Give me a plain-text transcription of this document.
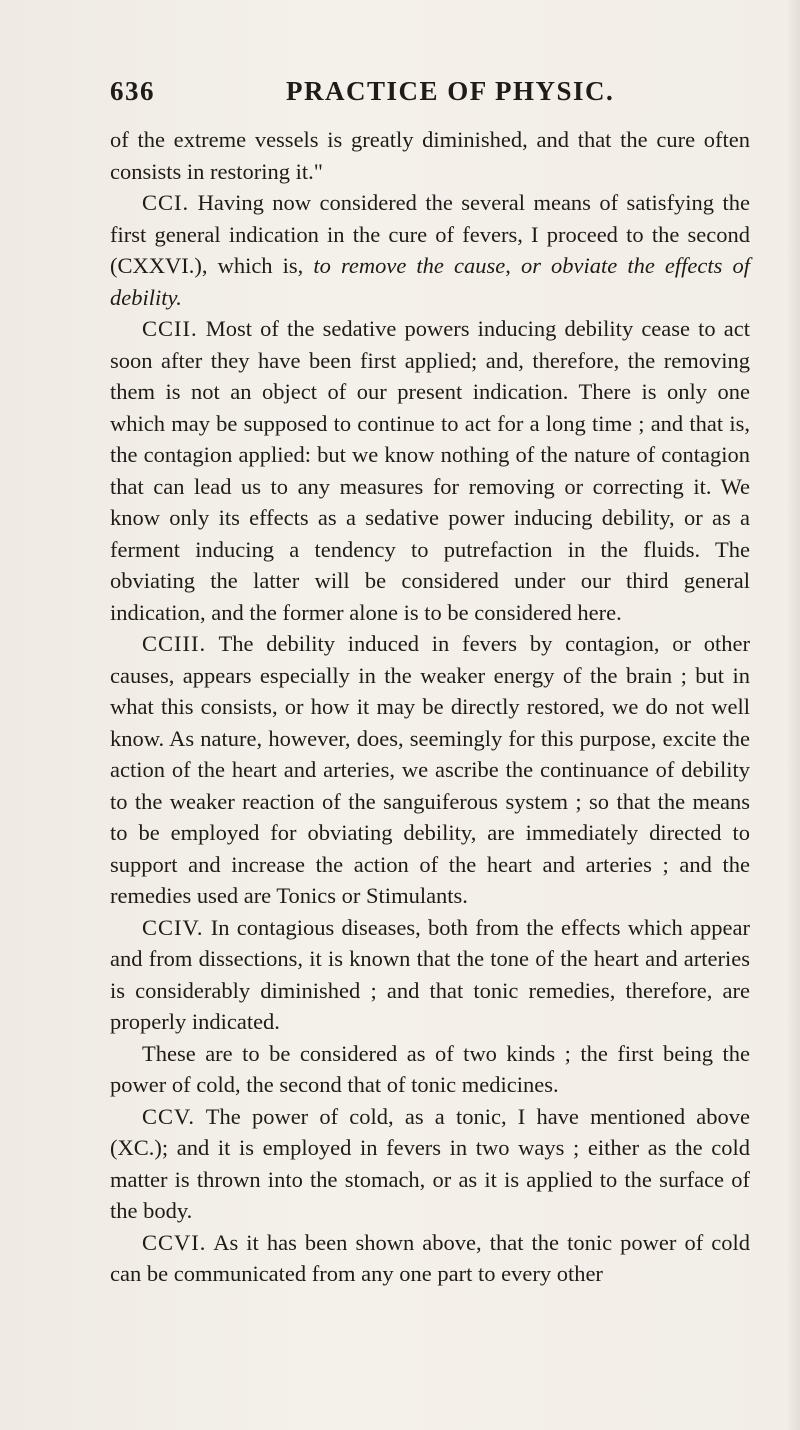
636	PRACTICE OF PHYSIC.

of the extreme vessels is greatly diminished, and that the cure often consists in restoring it."

CCI. Having now considered the several means of satisfying the first general indication in the cure of fevers, I proceed to the second (CXXVI.), which is, to remove the cause, or obviate the effects of debility.

CCII. Most of the sedative powers inducing debility cease to act soon after they have been first applied; and, therefore, the removing them is not an object of our present indication. There is only one which may be supposed to continue to act for a long time ; and that is, the contagion applied: but we know nothing of the nature of contagion that can lead us to any measures for removing or correcting it. We know only its effects as a sedative power inducing debility, or as a ferment inducing a tendency to putrefaction in the fluids. The obviating the latter will be considered under our third general indication, and the former alone is to be considered here.

CCIII. The debility induced in fevers by contagion, or other causes, appears especially in the weaker energy of the brain ; but in what this consists, or how it may be directly restored, we do not well know. As nature, however, does, seemingly for this purpose, excite the action of the heart and arteries, we ascribe the continuance of debility to the weaker reaction of the sanguiferous system ; so that the means to be employed for obviating debility, are immediately directed to support and increase the action of the heart and arteries ; and the remedies used are Tonics or Stimulants.

CCIV. In contagious diseases, both from the effects which appear and from dissections, it is known that the tone of the heart and arteries is considerably diminished ; and that tonic remedies, therefore, are properly indicated.

These are to be considered as of two kinds ; the first being the power of cold, the second that of tonic medicines.

CCV. The power of cold, as a tonic, I have mentioned above (XC.); and it is employed in fevers in two ways ; either as the cold matter is thrown into the stomach, or as it is applied to the surface of the body.

CCVI. As it has been shown above, that the tonic power of cold can be communicated from any one part to every other
